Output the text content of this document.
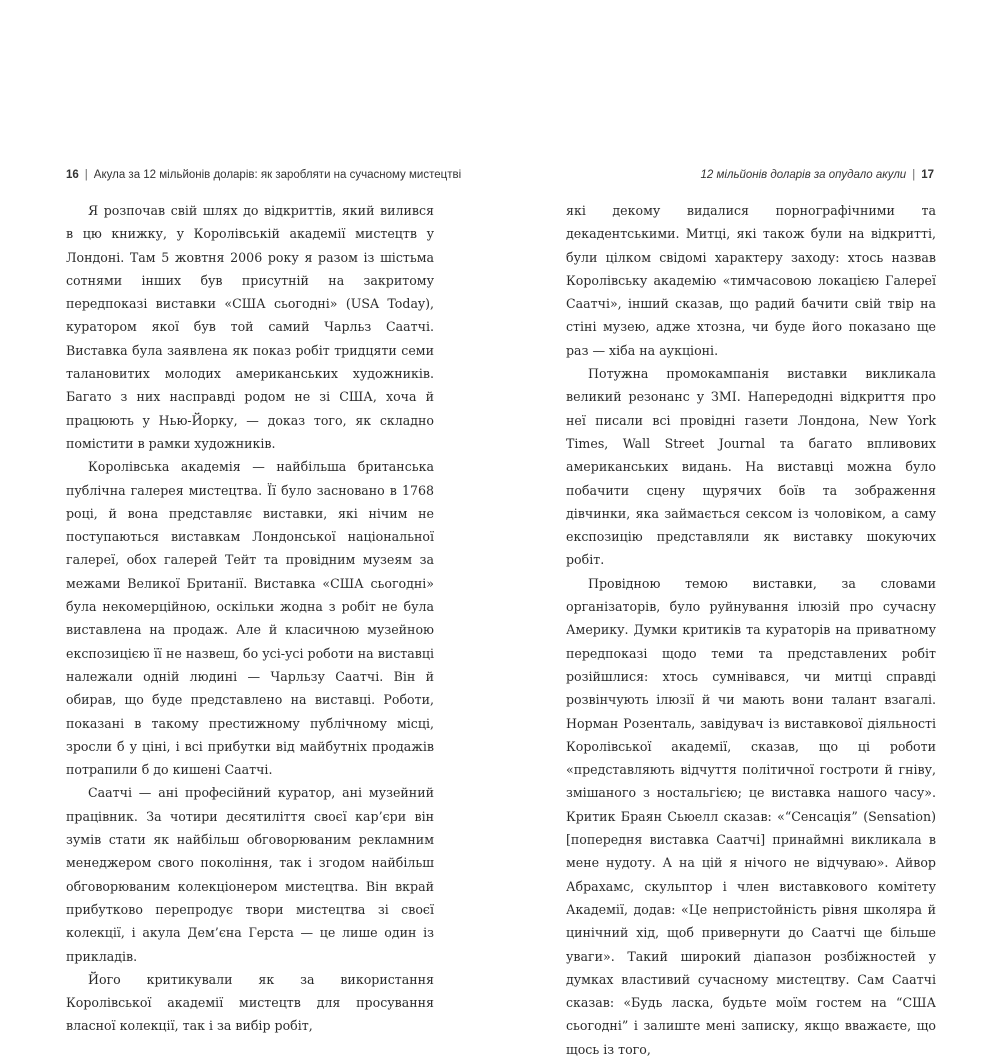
16 | Акула за 12 мільйонів доларів: як заробляти на сучасному мистецтві

Я розпочав свій шлях до відкриттів, який вилився в цю книжку, у Королівській академії мистецтв у Лондоні. Там 5 жовтня 2006 року я разом із шістьма сотнями інших був присутній на закритому передпоказі виставки «США сьогодні» (USA Today), куратором якої був той самий Чарльз Саатчі. Виставка була заявлена як показ робіт тридцяти семи талановитих молодих американських художників. Багато з них насправді родом не зі США, хоча й працюють у Нью-Йорку, — доказ того, як складно помістити в рамки художників.

Королівська академія — найбільша британська публічна галерея мистецтва. Її було засновано в 1768 році, й вона представляє виставки, які нічим не поступаються виставкам Лондонської національної галереї, обох галерей Тейт та провідним музеям за межами Великої Британії. Виставка «США сьогодні» була некомерційною, оскільки жодна з робіт не була виставлена на продаж. Але й класичною музейною експозицією її не назвеш, бо усі-усі роботи на виставці належали одній людині — Чарльзу Саатчі. Він й обирав, що буде представлено на виставці. Роботи, показані в такому престижному публічному місці, зросли б у ціні, і всі прибутки від майбутніх продажів потрапили б до кишені Саатчі.

Саатчі — ані професійний куратор, ані музейний працівник. За чотири десятиліття своєї кар’єри він зумів стати як найбільш обговорюваним рекламним менеджером свого покоління, так і згодом найбільш обговорюваним колекціонером мистецтва. Він вкрай прибутково перепродує твори мистецтва зі своєї колекції, і акула Дем’єна Герста — це лише один із прикладів.

Його критикували як за використання Королівської академії мистецтв для просування власної колекції, так і за вибір робіт,

12 мільйонів доларів за опудало акули | 17

які декому видалися порнографічними та декадентськими. Митці, які також були на відкритті, були цілком свідомі характеру заходу: хтось назвав Королівську академію «тимчасовою локацією Галереї Саатчі», інший сказав, що радий бачити свій твір на стіні музею, адже хтозна, чи буде його показано ще раз — хіба на аукціоні.

Потужна промокампанія виставки викликала великий резонанс у ЗМІ. Напередодні відкриття про неї писали всі провідні газети Лондона, New York Times, Wall Street Journal та багато впливових американських видань. На виставці можна було побачити сцену щурячих боїв та зображення дівчинки, яка займається сексом із чоловіком, а саму експозицію представляли як виставку шокуючих робіт.

Провідною темою виставки, за словами організаторів, було руйнування ілюзій про сучасну Америку. Думки критиків та кураторів на приватному передпоказі щодо теми та представлених робіт розійшлися: хтось сумнівався, чи митці справді розвінчують ілюзії й чи мають вони талант взагалі. Норман Розенталь, завідувач із виставкової діяльності Королівської академії, сказав, що ці роботи «представляють відчуття політичної гостроти й гніву, змішаного з ностальгією; це виставка нашого часу». Критик Браян Сьюелл сказав: «“Сенсація” (Sensation) [попередня виставка Саатчі] принаймні викликала в мене нудоту. А на цій я нічого не відчуваю». Айвор Абрахамс, скульптор і член виставкового комітету Академії, додав: «Це непристойність рівня школяра й цинічний хід, щоб привернути до Саатчі ще більше уваги». Такий широкий діапазон розбіжностей у думках властивий сучасному мистецтву. Сам Саатчі сказав: «Будь ласка, будьте моїм гостем на “США сьогодні” і залиште мені записку, якщо вважаєте, що щось із того,
